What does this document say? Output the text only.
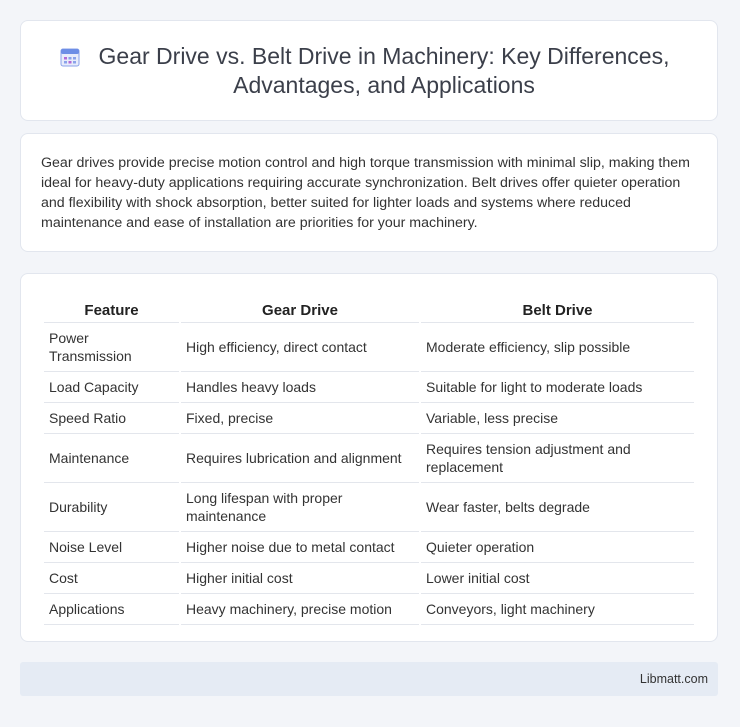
Gear Drive vs. Belt Drive in Machinery: Key Differences, Advantages, and Applications

Gear drives provide precise motion control and high torque transmission with minimal slip, making them ideal for heavy-duty applications requiring accurate synchronization. Belt drives offer quieter operation and flexibility with shock absorption, better suited for lighter loads and systems where reduced maintenance and ease of installation are priorities for your machinery.

Feature	Gear Drive	Belt Drive
Power Transmission	High efficiency, direct contact	Moderate efficiency, slip possible
Load Capacity	Handles heavy loads	Suitable for light to moderate loads
Speed Ratio	Fixed, precise	Variable, less precise
Maintenance	Requires lubrication and alignment	Requires tension adjustment and replacement
Durability	Long lifespan with proper maintenance	Wear faster, belts degrade
Noise Level	Higher noise due to metal contact	Quieter operation
Cost	Higher initial cost	Lower initial cost
Applications	Heavy machinery, precise motion	Conveyors, light machinery
Libmatt.com
